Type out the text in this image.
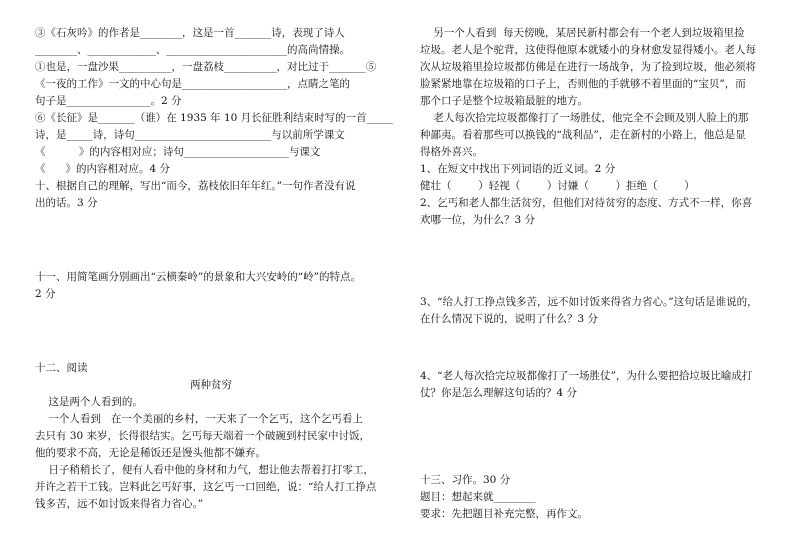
③《石灰吟》的作者是________，这是一首_______诗，表现了诗人
________、_____________、_______________________的高尚情操。
①也是，一盘沙果__________，一盘荔枝__________，对比过于_______⑤
《一夜的工作》一文的中心句是____________________，点睛之笔的
句子是________________。2 分
⑥《长征》是_______（谁）在 1935 年 10 月长征胜利结束时写的一首_____
诗，是_____诗，诗句__________________________与以前所学课文
《          》的内容相对应；诗句____________________与课文
《      》的内容相对应。4 分
十、根据自己的理解，写出“而今，荔枝依旧年年红。”一句作者没有说
出的话。3 分
十一、用简笔画分别画出“云横秦岭”的景象和大兴安岭的“岭”的特点。
2 分
十二、阅读
两种贫穷
这是两个人看到的。
一个人看到   在一个美丽的乡村，一天来了一个乞丐，这个乞丐看上
去只有 30 来岁，长得很结实。乞丐每天端着一个破碗到村民家中讨饭，
他的要求不高，无论是稀饭还是馒头他都不嫌弃。
日子稍稍长了，便有人看中他的身材和力气，想让他去帮着打打零工，
并许之若干工钱。岂料此乞丐好事，这乞丐一口回绝，说：“给人打工挣点
钱多苦，远不如讨饭来得省力省心。”
另一个人看到  每天傍晚，某居民新村都会有一个老人到垃圾箱里捡
垃圾。老人是个驼背，这使得他原本就矮小的身材愈发显得矮小。老人每
次从垃圾箱里捡垃圾都仿佛是在进行一场战争，为了捡到垃圾，他必须将
脸紧紧地靠在垃圾箱的口子上，否则他的手就够不着里面的“宝贝”，而
那个口子是整个垃圾箱最脏的地方。
老人每次拾完垃圾都像打了一场胜仗，他完全不会顾及别人脸上的那
种鄙夷。看着那些可以换钱的“战利品”，走在新村的小路上，他总是显
得格外喜兴。
1、在短文中找出下列词语的近义词。2 分
健壮（        ）轻视（        ）讨嫌（        ）拒绝（        ）
2、乞丐和老人都生活贫穷，但他们对待贫穷的态度、方式不一样，你喜
欢哪一位，为什么？3 分
3、“给人打工挣点钱多苦，远不如讨饭来得省力省心。”这句话是谁说的，
在什么情况下说的，说明了什么？3 分
4、“老人每次拾完垃圾都像打了一场胜仗”，为什么要把拾垃圾比喻成打
仗？你是怎么理解这句话的？4 分
十三、习作。30 分
题目：想起来就________
要求：先把题目补充完整，再作文。
